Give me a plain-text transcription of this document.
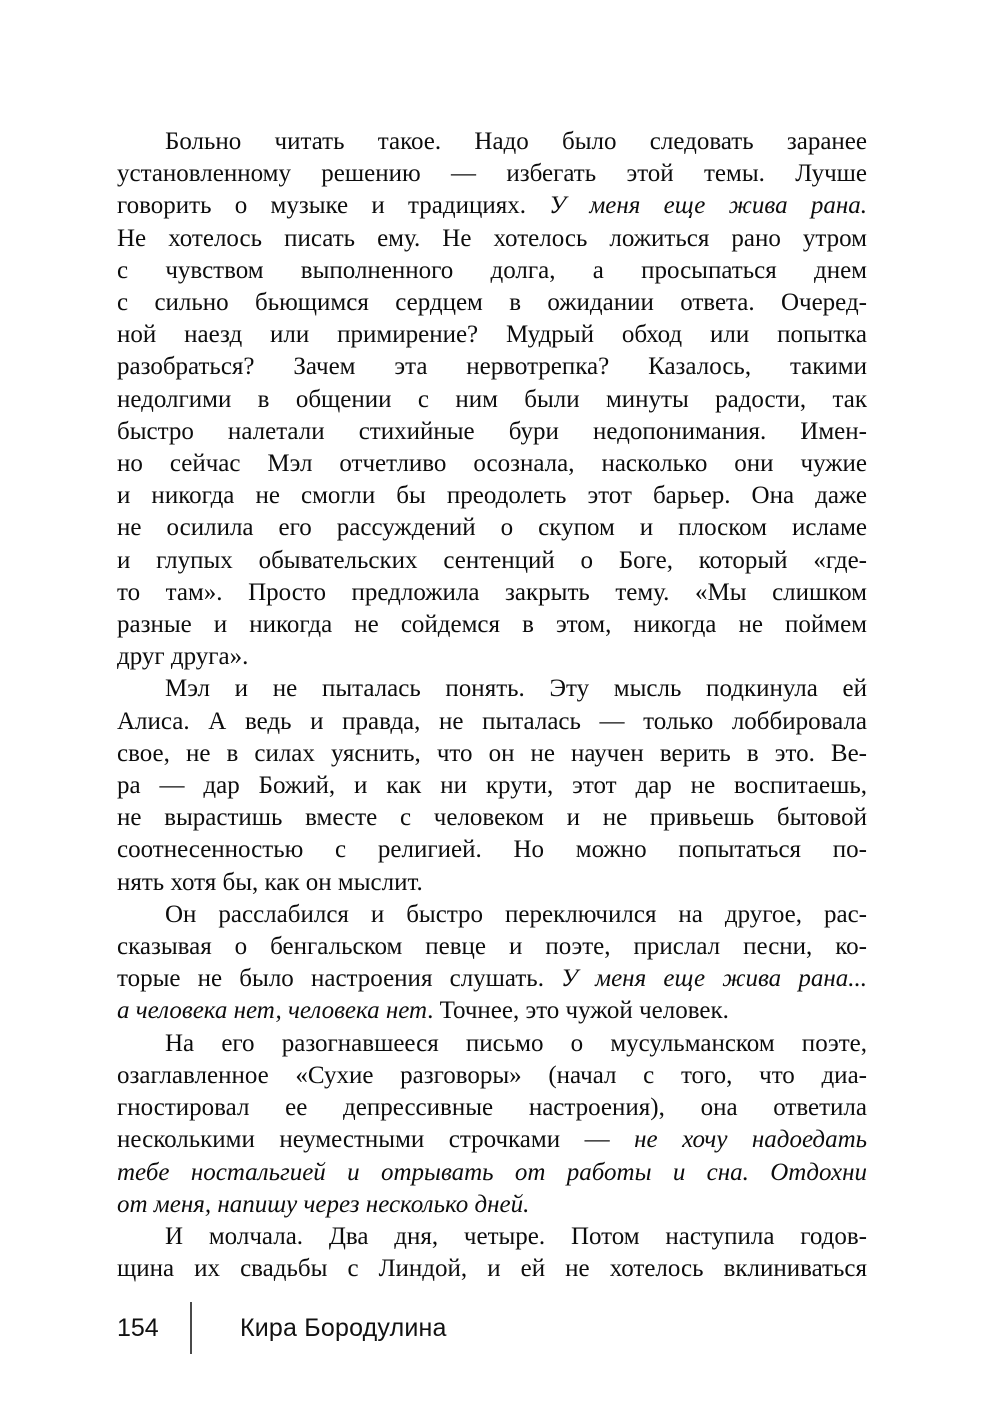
Больно читать такое. Надо было следовать заранее
установленному решению — избегать этой темы. Лучше
говорить о музыке и традициях. У меня еще жива рана.
Не хотелось писать ему. Не хотелось ложиться рано утром
с чувством выполненного долга, а просыпаться днем
с сильно бьющимся сердцем в ожидании ответа. Очеред-
ной наезд или примирение? Мудрый обход или попытка
разобраться? Зачем эта нервотрепка? Казалось, такими
недолгими в общении с ним были минуты радости, так
быстро налетали стихийные бури недопонимания. Имен-
но сейчас Мэл отчетливо осознала, насколько они чужие
и никогда не смогли бы преодолеть этот барьер. Она даже
не осилила его рассуждений о скупом и плоском исламе
и глупых обывательских сентенций о Боге, который «где-
то там». Просто предложила закрыть тему. «Мы слишком
разные и никогда не сойдемся в этом, никогда не поймем
друг друга».
Мэл и не пыталась понять. Эту мысль подкинула ей
Алиса. А ведь и правда, не пыталась — только лоббировала
свое, не в силах уяснить, что он не научен верить в это. Ве-
ра — дар Божий, и как ни крути, этот дар не воспитаешь,
не вырастишь вместе с человеком и не привьешь бытовой
соотнесенностью с религией. Но можно попытаться по-
нять хотя бы, как он мыслит.
Он расслабился и быстро переключился на другое, рас-
сказывая о бенгальском певце и поэте, прислал песни, ко-
торые не было настроения слушать. У меня еще жива рана...
а человека нет, человека нет. Точнее, это чужой человек.
На его разогнавшееся письмо о мусульманском поэте,
озаглавленное «Сухие разговоры» (начал с того, что диа-
гностировал ее депрессивные настроения), она ответила
несколькими неуместными строчками — не хочу надоедать
тебе ностальгией и отрывать от работы и сна. Отдохни
от меня, напишу через несколько дней.
И молчала. Два дня, четыре. Потом наступила годов-
щина их свадьбы с Линдой, и ей не хотелось вклиниваться
154	Кира Бородулина
